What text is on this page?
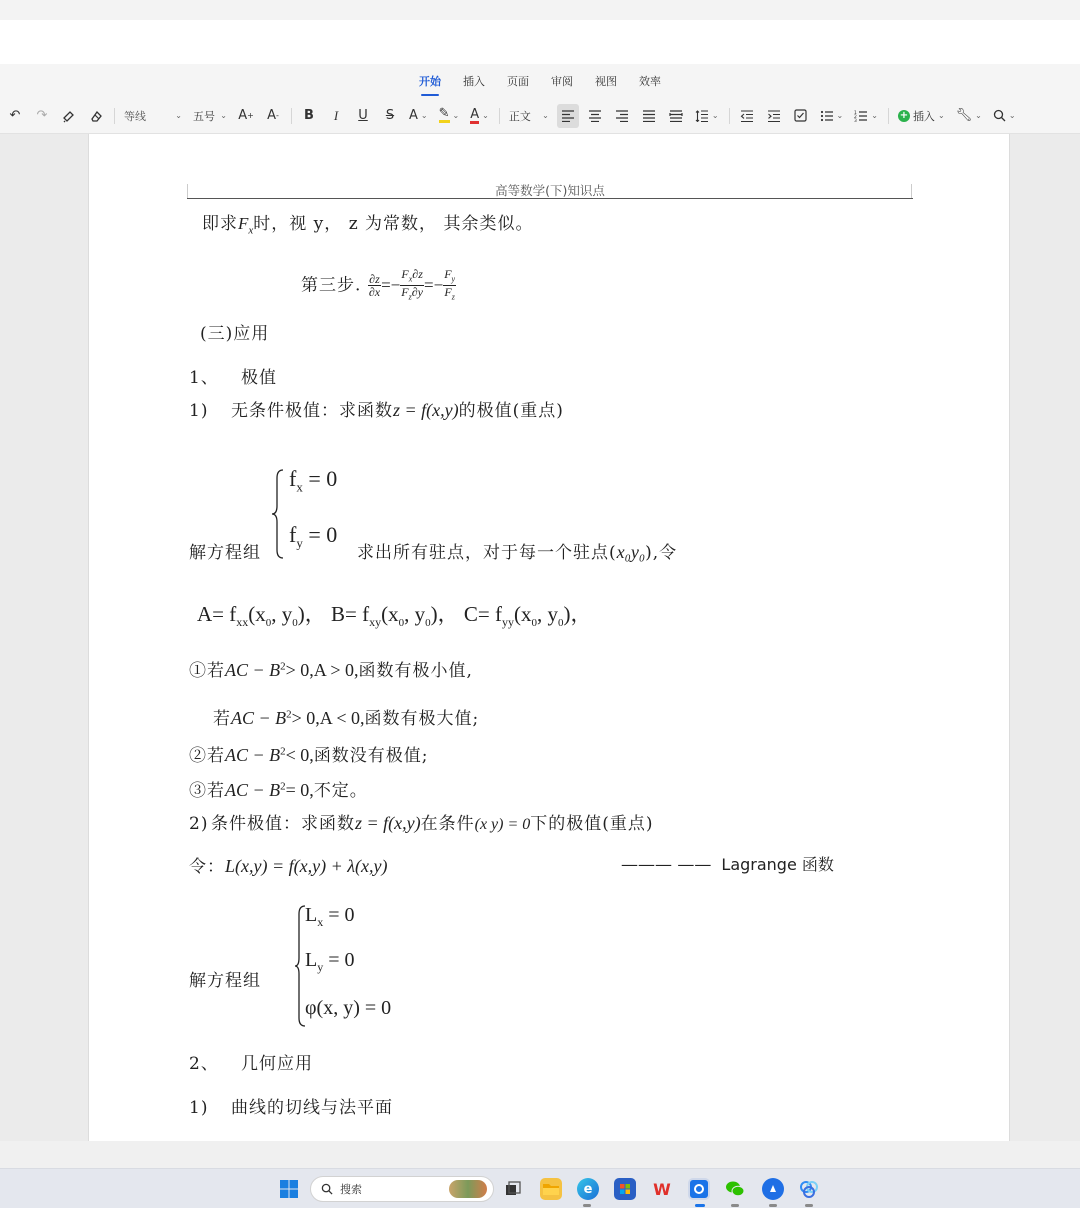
开始 插入 页面 审阅 视图 效率
↶	↷	等线	⌄ 五号 ⌄ A + A -	B	I	U	S	A ⌄ ✎ ⌄ A ⌄ 正文 ⌄	⌄	⌄ 1
2
3
⌄ + 插入 ⌄ 🔧︎ ⌄	⌄
高等数学(下)知识点
即求$F_x$时，视 y， z 为常数， 其余类似。
第三步. $\frac{\partial z}{\partial x} =- \frac{F_x\partial z}{F_z\partial y} =- \frac{F_y}{F_z}$
(三)应用
1、 极值
1) 无条件极值：求函数z = f(x,y)的极值(重点)
$f_x = 0$
$f_y = 0$
解方程组	求出所有驻点，对于每一个驻点(x₀y₀),令
$A= f_{xx}(x_0$, $y_0$)， $B= f_{xy}(x_0$, $y_0$)， $C= f_{yy}(x_0$, $y_0$)，
①若AC − $B^2> 0,A > 0$,函数有极小值,
若AC − $B^2> 0,A < 0$,函数有极大值;
②若AC − $B^2< 0$,函数没有极值;
③若AC − $B^2= 0$,不定。
2) 条件极值：求函数z = f(x,y)在条件(x y) = 0下的极值(重点)
令：L(x,y) = f(x,y) + λ(x,y)	——— —— Lagrange 函数
$L_x = 0$
$L_y = 0$
φ(x, y) = 0
解方程组
2、 几何应用
1) 曲线的切线与法平面
搜索	e	W
